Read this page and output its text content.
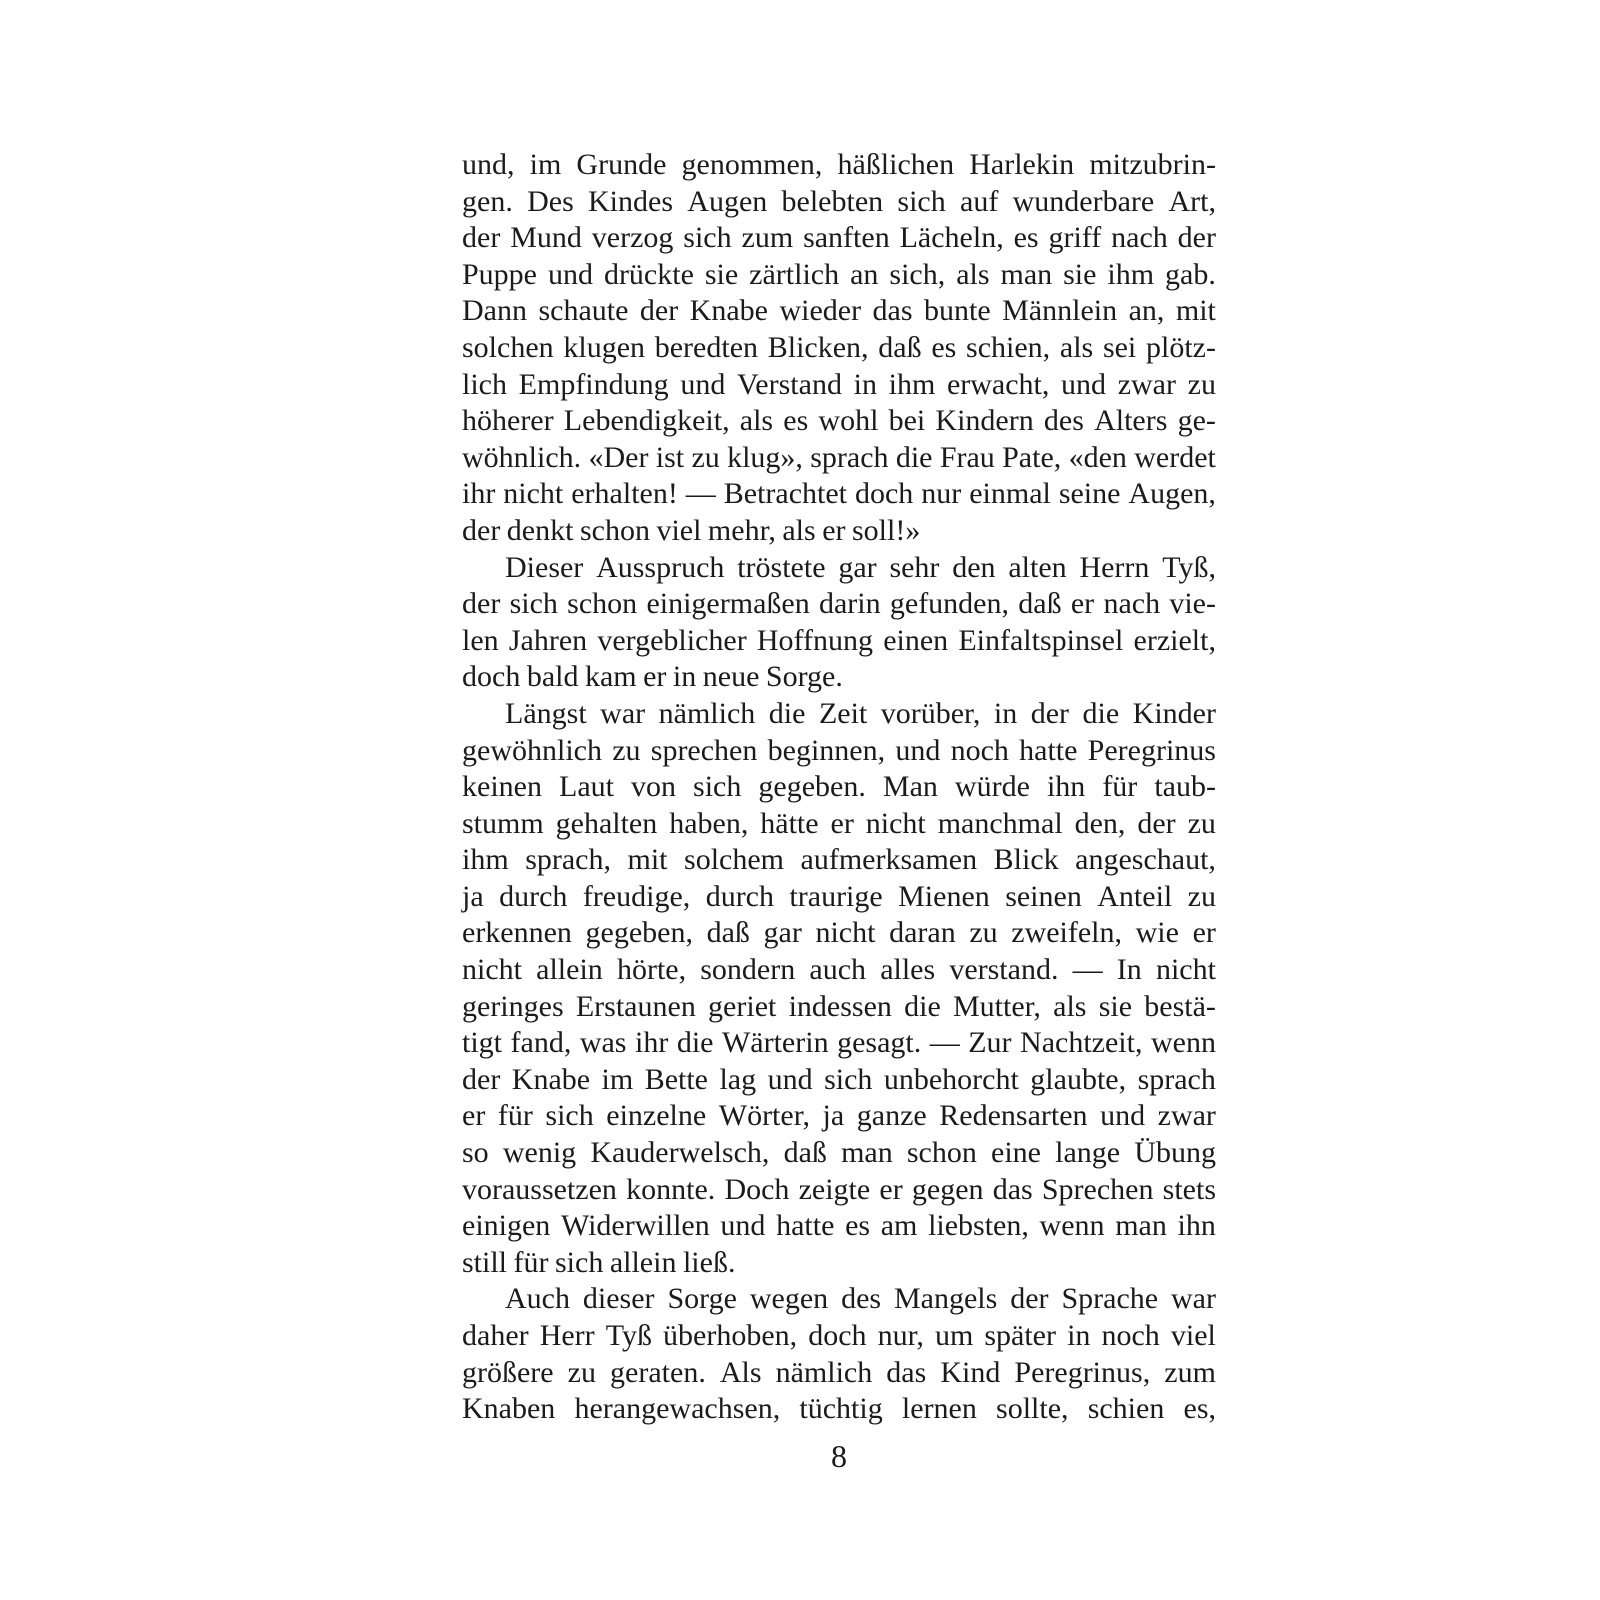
und, im Grunde genommen, häßlichen Harlekin mitzubrin-
gen. Des Kindes Augen belebten sich auf wunderbare Art,
der Mund verzog sich zum sanften Lächeln, es griff nach der
Puppe und drückte sie zärtlich an sich, als man sie ihm gab.
Dann schaute der Knabe wieder das bunte Männlein an, mit
solchen klugen beredten Blicken, daß es schien, als sei plötz-
lich Empfindung und Verstand in ihm erwacht, und zwar zu
höherer Lebendigkeit, als es wohl bei Kindern des Alters ge-
wöhnlich. «Der ist zu klug», sprach die Frau Pate, «den werdet
ihr nicht erhalten! — Betrachtet doch nur einmal seine Augen,
der denkt schon viel mehr, als er soll!»
Dieser Ausspruch tröstete gar sehr den alten Herrn Tyß,
der sich schon einigermaßen darin gefunden, daß er nach vie-
len Jahren vergeblicher Hoffnung einen Einfaltspinsel erzielt,
doch bald kam er in neue Sorge.
Längst war nämlich die Zeit vorüber, in der die Kinder
gewöhnlich zu sprechen beginnen, und noch hatte Peregrinus
keinen Laut von sich gegeben. Man würde ihn für taub-
stumm gehalten haben, hätte er nicht manchmal den, der zu
ihm sprach, mit solchem aufmerksamen Blick angeschaut,
ja durch freudige, durch traurige Mienen seinen Anteil zu
erkennen gegeben, daß gar nicht daran zu zweifeln, wie er
nicht allein hörte, sondern auch alles verstand. — In nicht
geringes Erstaunen geriet indessen die Mutter, als sie bestä-
tigt fand, was ihr die Wärterin gesagt. — Zur Nachtzeit, wenn
der Knabe im Bette lag und sich unbehorcht glaubte, sprach
er für sich einzelne Wörter, ja ganze Redensarten und zwar
so wenig Kauderwelsch, daß man schon eine lange Übung
voraussetzen konnte. Doch zeigte er gegen das Sprechen stets
einigen Widerwillen und hatte es am liebsten, wenn man ihn
still für sich allein ließ.
Auch dieser Sorge wegen des Mangels der Sprache war
daher Herr Tyß überhoben, doch nur, um später in noch viel
größere zu geraten. Als nämlich das Kind Peregrinus, zum
Knaben herangewachsen, tüchtig lernen sollte, schien es,
8
